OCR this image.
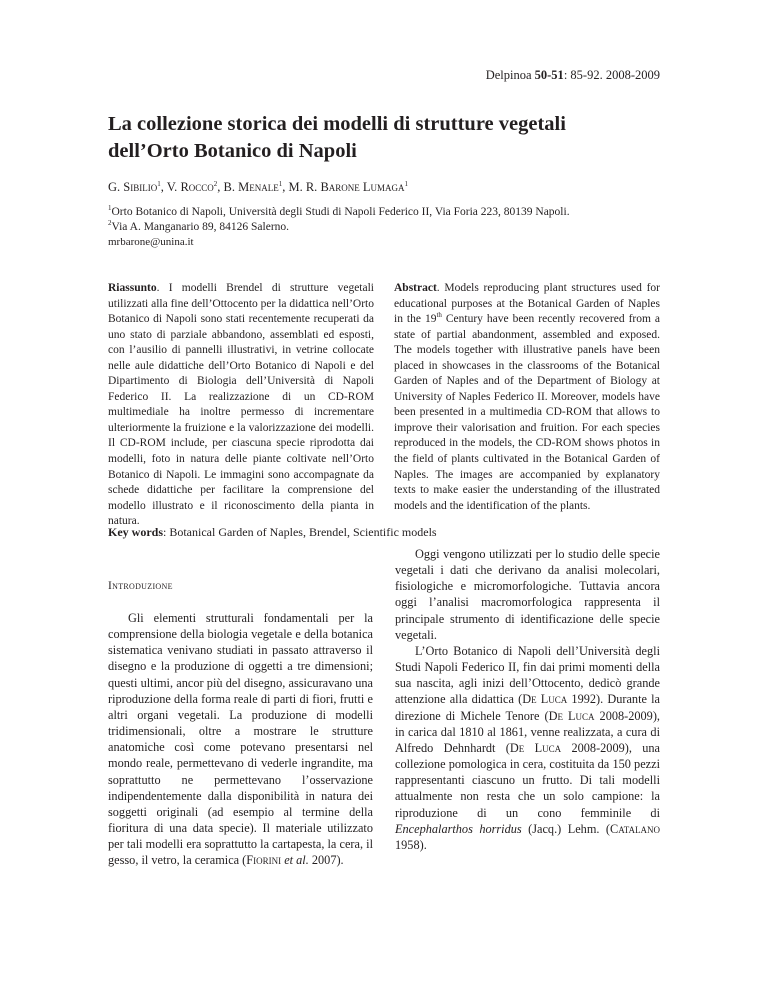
Delpinoa 50-51: 85-92. 2008-2009
La collezione storica dei modelli di strutture vegetali
dell’Orto Botanico di Napoli
G. Sibilio$^1$, V. Rocco$^2$, B. Menale$^1$, M. R. Barone Lumaga$^1$
$^1$Orto Botanico di Napoli, Università degli Studi di Napoli Federico II, Via Foria 223, 80139 Napoli.
$^2$Via A. Manganario 89, 84126 Salerno.
mrbarone@unina.it
Riassunto. I modelli Brendel di strutture vegetali utilizzati alla fine dell’Ottocento per la didattica nell’Orto Botanico di Napoli sono stati recentemente recuperati da uno stato di parziale abbandono, assemblati ed esposti, con l’ausilio di pannelli illustrativi, in vetrine collocate nelle aule didattiche dell’Orto Botanico di Napoli e del Dipartimento di Biologia dell’Università di Napoli Federico II. La realizzazione di un CD-ROM multimediale ha inoltre permesso di incrementare ulteriormente la fruizione e la valorizzazione dei modelli. Il CD-ROM include, per ciascuna specie riprodotta dai modelli, foto in natura delle piante coltivate nell’Orto Botanico di Napoli. Le immagini sono accompagnate da schede didattiche per facilitare la comprensione del modello illustrato e il riconoscimento della pianta in natura.
Abstract. Models reproducing plant structures used for educational purposes at the Botanical Garden of Naples in the 19th Century have been recently recovered from a state of partial abandonment, assembled and exposed. The models together with illustrative panels have been placed in showcases in the classrooms of the Botanical Garden of Naples and of the Department of Biology at University of Naples Federico II. Moreover, models have been presented in a multimedia CD-ROM that allows to improve their valorisation and fruition. For each species reproduced in the models, the CD-ROM shows photos in the field of plants cultivated in the Botanical Garden of Naples. The images are accompanied by explanatory texts to make easier the understanding of the illustrated models and the identification of the plants.
Key words: Botanical Garden of Naples, Brendel, Scientific models
Introduzione

Gli elementi strutturali fondamentali per la comprensione della biologia vegetale e della botanica sistematica venivano studiati in passato attraverso il disegno e la produzione di oggetti a tre dimensioni; questi ultimi, ancor più del disegno, assicuravano una riproduzione della forma reale di parti di fiori, frutti e altri organi vegetali. La produzione di modelli tridimensionali, oltre a mostrare le strutture anatomiche così come potevano presentarsi nel mondo reale, permettevano di vederle ingrandite, ma soprattutto ne permettevano l’osservazione indipendentemente dalla disponibilità in natura dei soggetti originali (ad esempio al termine della fioritura di una data specie). Il materiale utilizzato per tali modelli era soprattutto la cartapesta, la cera, il gesso, il vetro, la ceramica (Fiorini et al. 2007).

Oggi vengono utilizzati per lo studio delle specie vegetali i dati che derivano da analisi molecolari, fisiologiche e micromorfologiche. Tuttavia ancora oggi l’analisi macromorfologica rappresenta il principale strumento di identificazione delle specie vegetali.

L’Orto Botanico di Napoli dell’Università degli Studi Napoli Federico II, fin dai primi momenti della sua nascita, agli inizi dell’Ottocento, dedicò grande attenzione alla didattica (De Luca 1992). Durante la direzione di Michele Tenore (De Luca 2008-2009), in carica dal 1810 al 1861, venne realizzata, a cura di Alfredo Dehnhardt (De Luca 2008-2009), una collezione pomologica in cera, costituita da 150 pezzi rappresentanti ciascuno un frutto. Di tali modelli attualmente non resta che un solo campione: la riproduzione di un cono femminile di Encephalarthos horridus (Jacq.) Lehm. (Catalano 1958).
